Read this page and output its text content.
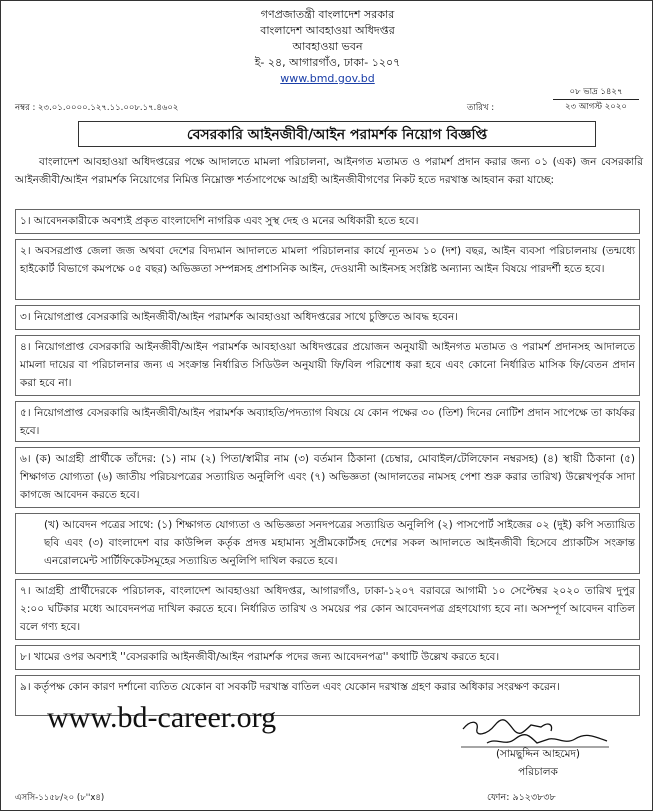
গণপ্রজাতন্ত্রী বাংলাদেশ সরকার
বাংলাদেশ আবহাওয়া অধিদপ্তর
আবহাওয়া ভবন
ই- ২৪, আগারগাঁও, ঢাকা- ১২০৭
www.bmd.gov.bd
নম্বর : ২৩.০১.০০০০.১২৭.১১.০০৮.১৭.৪৬০২	তারিখ :
০৮ ভাদ্র ১৪২৭
২৩ আগস্ট ২০২০
বেসরকারি আইনজীবী/আইন পরামর্শক নিয়োগ বিজ্ঞপ্তি
বাংলাদেশ আবহাওয়া অধিদপ্তরের পক্ষে আদালতে মামলা পরিচালনা, আইনগত মতামত ও পরামর্শ প্রদান করার জন্য ০১ (এক) জন বেসরকারি আইনজীবী/আইন পরামর্শক নিয়োগের নিমিত্ত নিম্নোক্ত শর্তসাপেক্ষে আগ্রহী আইনজীবীগণের নিকট হতে দরখাস্ত আহবান করা যাচ্ছে:
১। আবেদনকারীকে অবশ্যই প্রকৃত বাংলাদেশি নাগরিক এবং সুস্থ দেহ ও মনের অধিকারী হতে হবে।
২। অবসরপ্রাপ্ত জেলা জজ অথবা দেশের বিদ্যমান আদালতে মামলা পরিচালনার কার্যে ন্যূনতম ১০ (দশ) বছর, আইন ব্যবসা পরিচালনায় (তন্মধ্যে হাইকোর্ট বিভাগে কমপক্ষে ০৫ বছর) অভিজ্ঞতা সম্পন্নসহ প্রশাসনিক আইন, দেওয়ানী আইনসহ সংশ্লিষ্ট অন্যান্য আইন বিষয়ে পারদর্শী হতে হবে।
৩। নিয়োগপ্রাপ্ত বেসরকারি আইনজীবী/আইন পরামর্শক আবহাওয়া অধিদপ্তরের সাথে চুক্তিতে আবদ্ধ হবেন।
৪। নিয়োগপ্রাপ্ত বেসরকারি আইনজীবী/আইন পরামর্শক আবহাওয়া অধিদপ্তরের প্রয়োজন অনুযায়ী আইনগত মতামত ও পরামর্শ প্রদানসহ আদালতে মামলা দায়ের বা পরিচালনার জন্য এ সংক্রান্ত নির্ধারিত সিডিউল অনুযায়ী ফি/বিল পরিশোধ করা হবে এবং কোনো নির্ধারিত মাসিক ফি/বেতন প্রদান করা হবে না।
৫। নিয়োগপ্রাপ্ত বেসরকারি আইনজীবী/আইন পরামর্শক অব্যাহতি/পদত্যাগ বিষয়ে যে কোন পক্ষের ৩০ (তিশ) দিনের নোটিশ প্রদান সাপেক্ষে তা কার্যকর হবে।
৬। (ক) আগ্রহী প্রার্থীকে তাঁদের: (১) নাম (২) পিতা/স্বামীর নাম (৩) বর্তমান ঠিকানা (চেম্বার, মোবাইল/টেলিফোন নম্বরসহ) (৪) স্থায়ী ঠিকানা (৫) শিক্ষাগত যোগ্যতা (৬) জাতীয় পরিচয়পত্রের সত্যায়িত অনুলিপি এবং (৭) অভিজ্ঞতা (আদালতের নামসহ পেশা শুরু করার তারিখ) উল্লেখপূর্বক সাদা কাগজে আবেদন করতে হবে।
(খ) আবেদন পত্রের সাথে: (১) শিক্ষাগত যোগ্যতা ও অভিজ্ঞতা সনদপত্রের সত্যায়িত অনুলিপি (২) পাসপোর্ট সাইজের ০২ (দুই) কপি সত্যায়িত ছবি এবং (৩) বাংলাদেশ বার কাউন্সিল কর্তৃক প্রদত্ত মহামান্য সুপ্রীমকোর্টসহ দেশের সকল আদালতে আইনজীবী হিসেবে প্র্যাকটিস সংক্রান্ত এনরোলমেন্ট সার্টিফিকেটসমূহের সত্যায়িত অনুলিপি দাখিল করতে হবে।
৭। আগ্রহী প্রার্থীদেরকে পরিচালক, বাংলাদেশ আবহাওয়া অধিদপ্তর, আগারগাঁও, ঢাকা-১২০৭ বরাবরে আগামী ১০ সেপ্টেম্বর ২০২০ তারিখ দুপুর ২:০০ ঘটিকার মধ্যে আবেদনপত্র দাখিল করতে হবে। নির্ধারিত তারিখ ও সময়ের পর কোন আবেদনপত্র গ্রহণযোগ্য হবে না। অসম্পূর্ণ আবেদন বাতিল বলে গণ্য হবে।
৮। খামের ওপর অবশ্যই ''বেসরকারি আইনজীবী/আইন পরামর্শক পদের জন্য আবেদনপত্র'' কথাটি উল্লেখ করতে হবে।
৯। কর্তৃপক্ষ কোন কারণ দর্শানো ব্যতিত যেকোন বা সবকটি দরখাস্ত বাতিল এবং যেকোন দরখাস্ত গ্রহণ করার অধিকার সংরক্ষণ করেন।
www.bd-career.org
(সামছুদ্দিন আহমেদ)
পরিচালক
এসসি-১১৫৮/২০ (৮''x৪)	ফোন: ৯১২৩৮৩৮
